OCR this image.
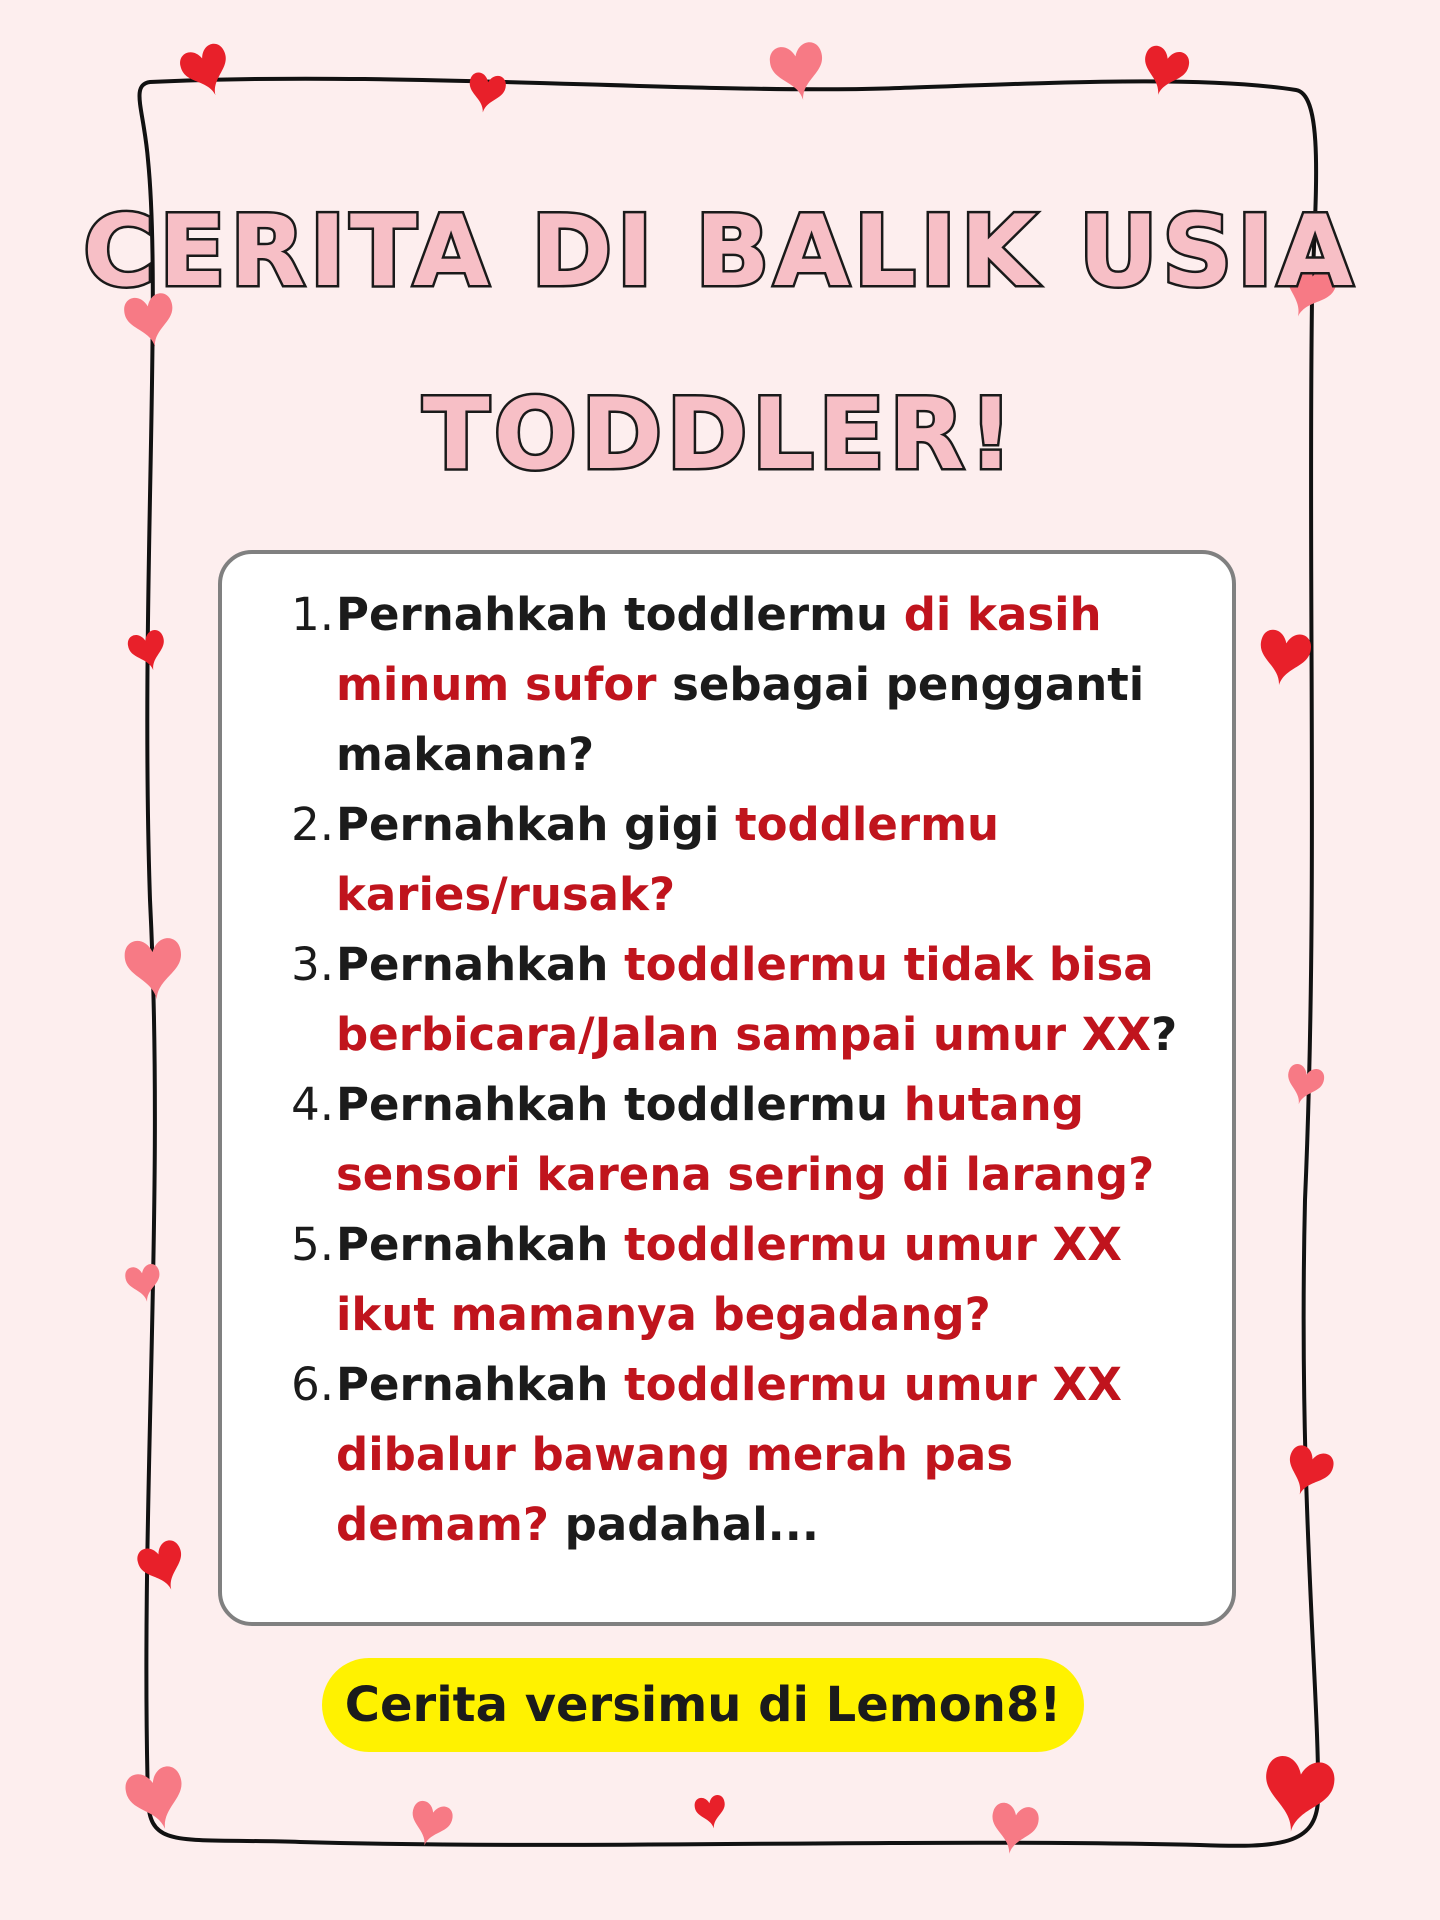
CERITA DI BALIK USIA
TODDLER!
1. Pernahkah toddlermu di kasih minum sufor sebagai pengganti makanan?
2. Pernahkah gigi toddlermu karies/rusak?
3. Pernahkah toddlermu tidak bisa berbicara/Jalan sampai umur XX?
4. Pernahkah toddlermu hutang sensori karena sering di larang?
5. Pernahkah toddlermu umur XX ikut mamanya begadang?
6. Pernahkah toddlermu umur XX dibalur bawang merah pas demam? padahal...
Cerita versimu di Lemon8!
